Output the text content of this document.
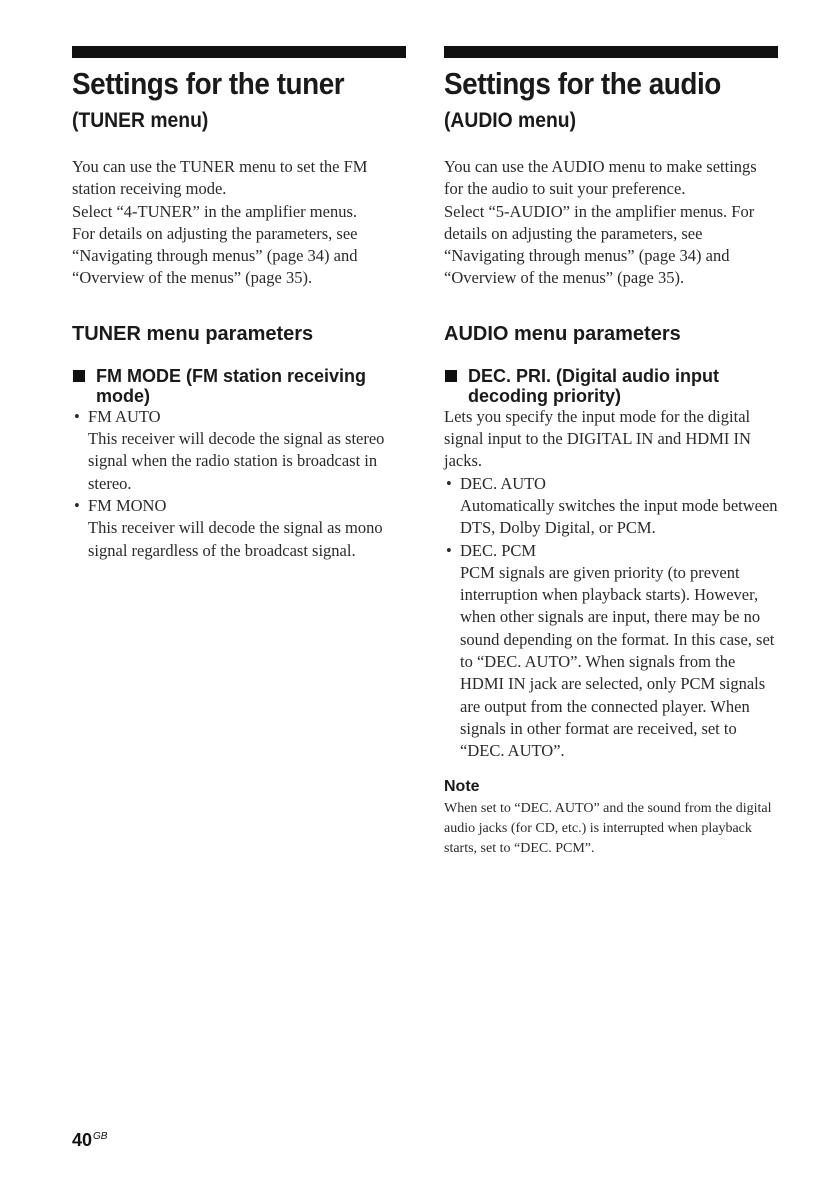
Settings for the tuner
(TUNER menu)

You can use the TUNER menu to set the FM station receiving mode.

Select “4-TUNER” in the amplifier menus.

For details on adjusting the parameters, see “Navigating through menus” (page 34) and “Overview of the menus” (page 35).

TUNER menu parameters
FM MODE (FM station receiving mode)
• FM AUTO

This receiver will decode the signal as stereo signal when the radio station is broadcast in stereo.

• FM MONO

This receiver will decode the signal as mono signal regardless of the broadcast signal.

Settings for the audio
(AUDIO menu)

You can use the AUDIO menu to make settings for the audio to suit your preference.

Select “5-AUDIO” in the amplifier menus. For details on adjusting the parameters, see “Navigating through menus” (page 34) and “Overview of the menus” (page 35).

AUDIO menu parameters
DEC. PRI. (Digital audio input decoding priority)

Lets you specify the input mode for the digital signal input to the DIGITAL IN and HDMI IN jacks.

• DEC. AUTO

Automatically switches the input mode between DTS, Dolby Digital, or PCM.

• DEC. PCM

PCM signals are given priority (to prevent interruption when playback starts). However, when other signals are input, there may be no sound depending on the format. In this case, set to “DEC. AUTO”. When signals from the HDMI IN jack are selected, only PCM signals are output from the connected player. When signals in other format are received, set to “DEC. AUTO”.

Note

When set to “DEC. AUTO” and the sound from the digital audio jacks (for CD, etc.) is interrupted when playback starts, set to “DEC. PCM”.

$40^{GB}$
